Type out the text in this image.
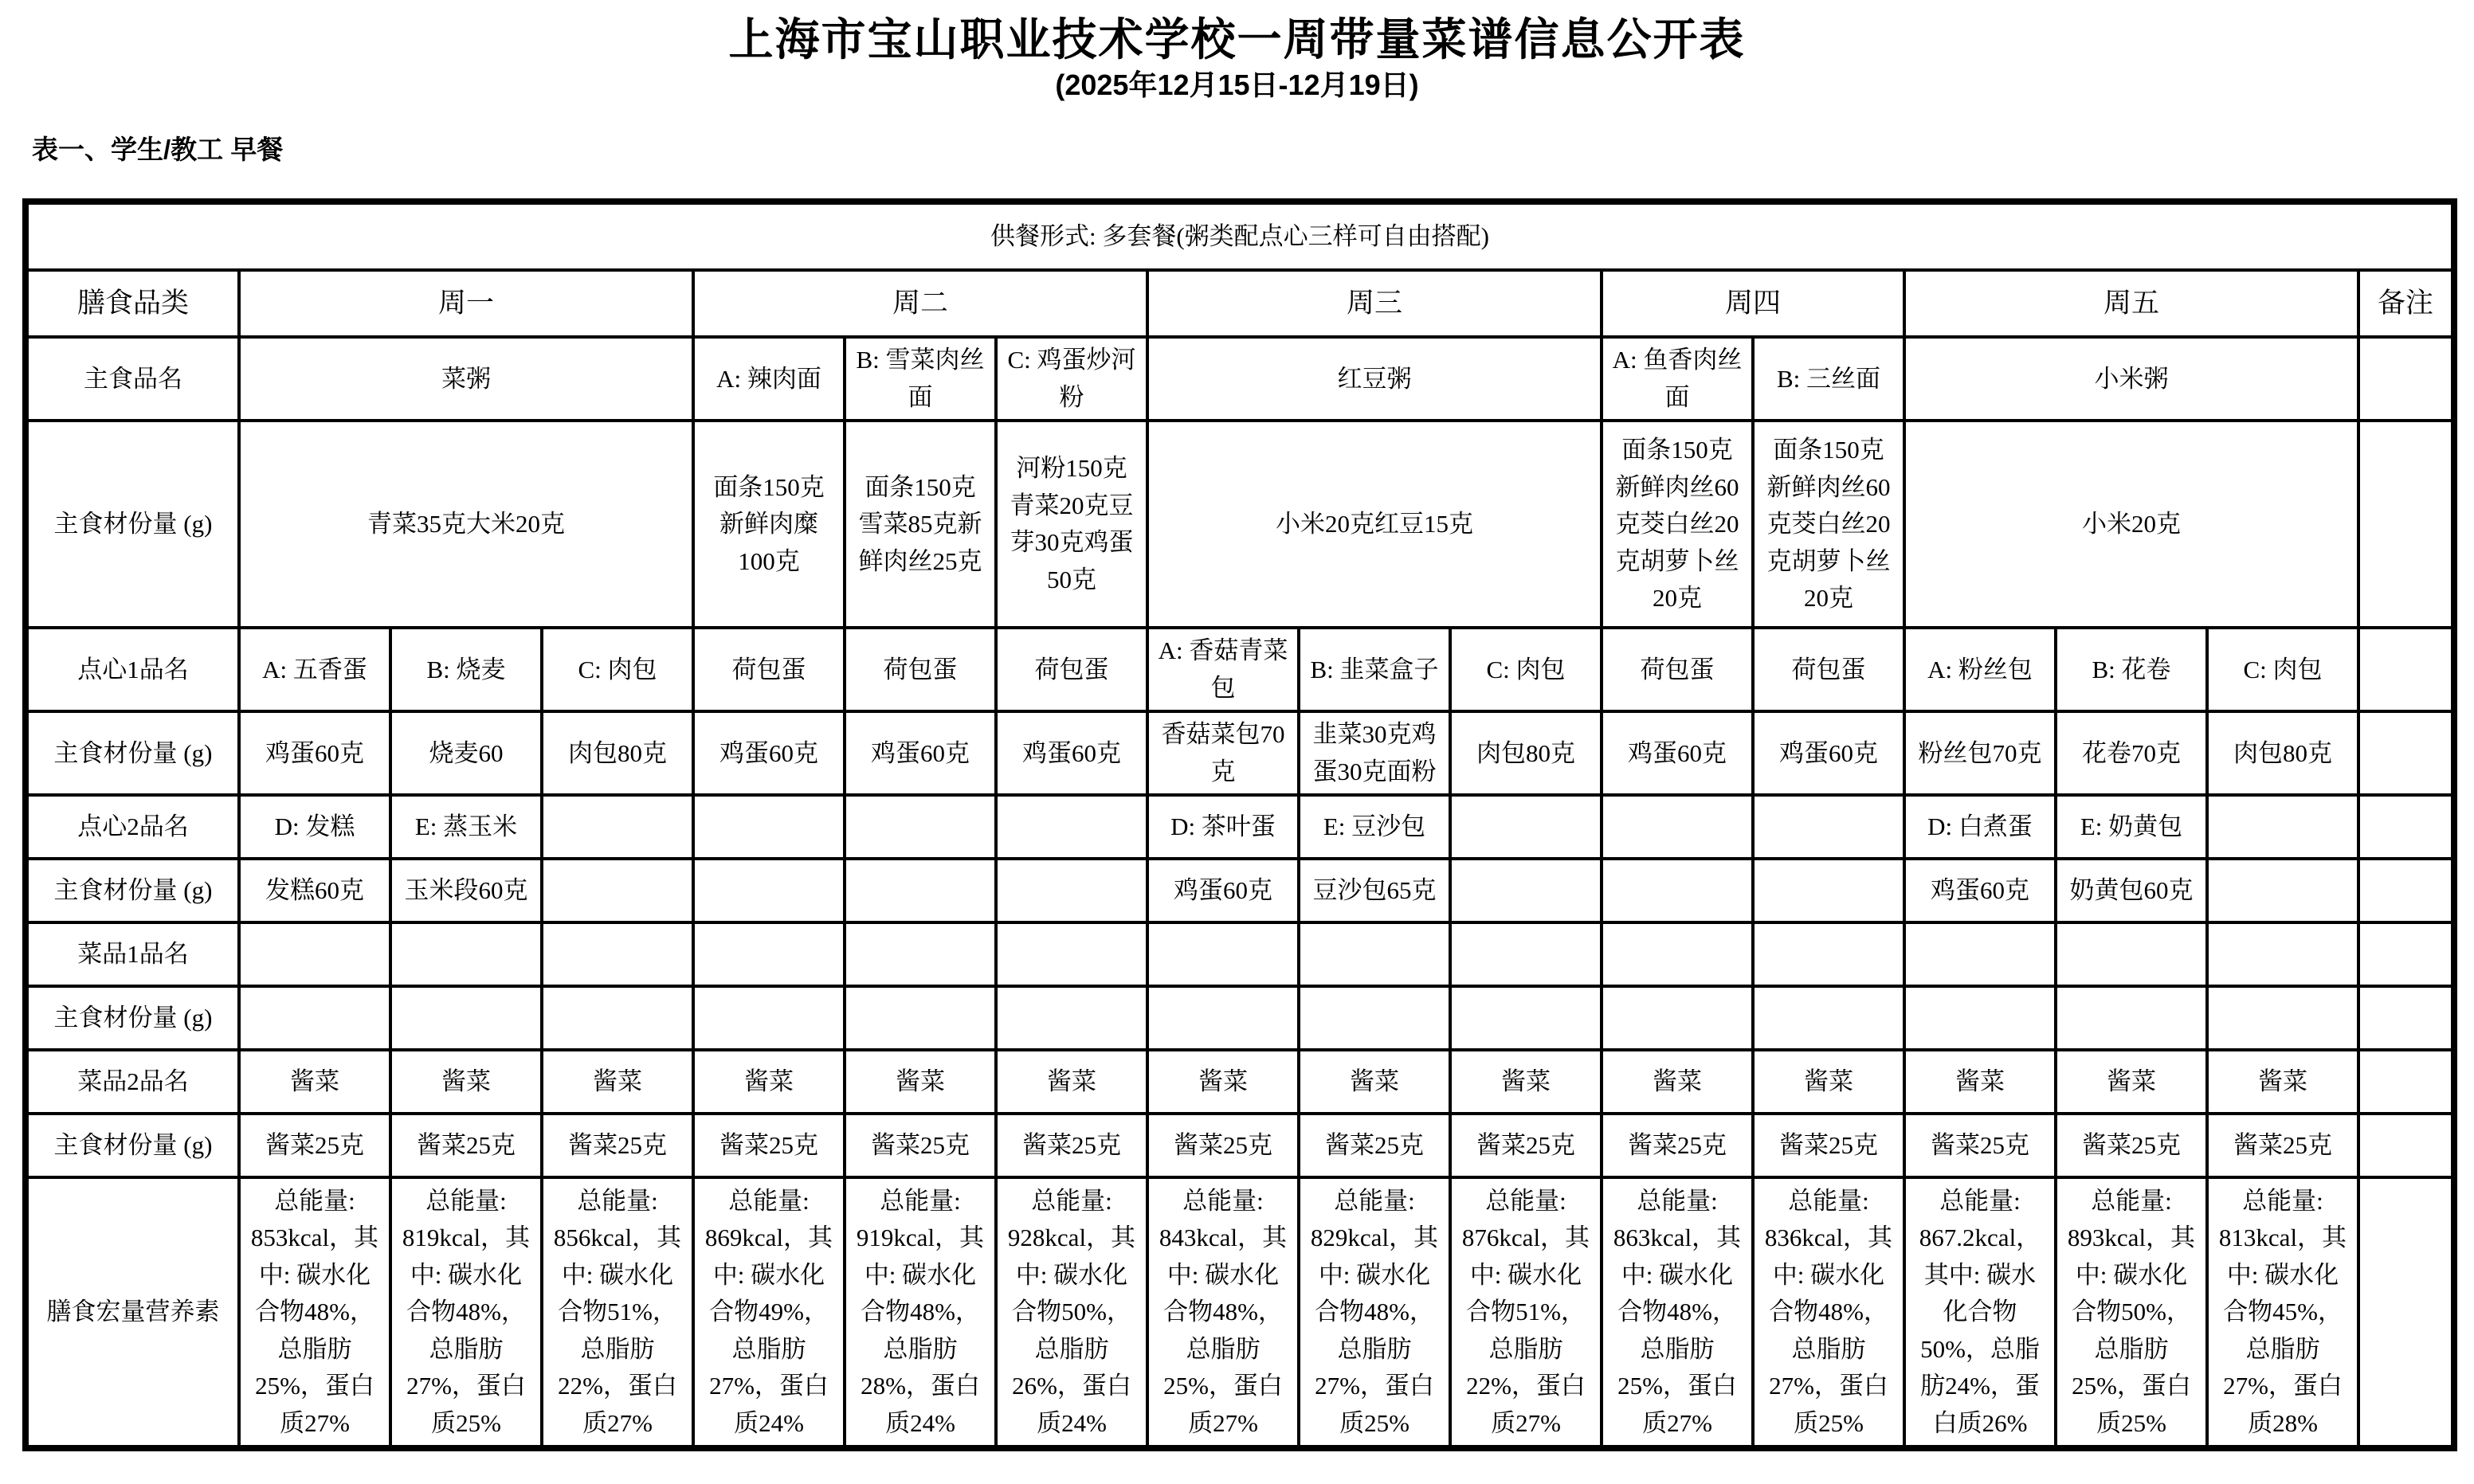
上海市宝山职业技术学校一周带量菜谱信息公开表
(2025年12月15日-12月19日)
表一、学生/教工 早餐
供餐形式: 多套餐(粥类配点心三样可自由搭配)															
膳食品类	周一			周二			周三			周四		周五			备注
主食品名	菜粥			A: 辣肉面	B: 雪菜肉丝面	C: 鸡蛋炒河粉	红豆粥			A: 鱼香肉丝面	B: 三丝面	小米粥			
主食材份量 (g)	青菜35克大米20克			面条150克新鲜肉糜100克	面条150克雪菜85克新鲜肉丝25克	河粉150克青菜20克豆芽30克鸡蛋50克	小米20克红豆15克			面条150克新鲜肉丝60克茭白丝20克胡萝卜丝20克	面条150克新鲜肉丝60克茭白丝20克胡萝卜丝20克	小米20克			
点心1品名	A: 五香蛋	B: 烧麦	C: 肉包	荷包蛋	荷包蛋	荷包蛋	A: 香菇青菜包	B: 韭菜盒子	C: 肉包	荷包蛋	荷包蛋	A: 粉丝包	B: 花卷	C: 肉包	
主食材份量 (g)	鸡蛋60克	烧麦60	肉包80克	鸡蛋60克	鸡蛋60克	鸡蛋60克	香菇菜包70克	韭菜30克鸡蛋30克面粉	肉包80克	鸡蛋60克	鸡蛋60克	粉丝包70克	花卷70克	肉包80克	
点心2品名	D: 发糕	E: 蒸玉米					D: 茶叶蛋	E: 豆沙包				D: 白煮蛋	E: 奶黄包		
主食材份量 (g)	发糕60克	玉米段60克					鸡蛋60克	豆沙包65克				鸡蛋60克	奶黄包60克		
菜品1品名															
主食材份量 (g)															
菜品2品名	酱菜	酱菜	酱菜	酱菜	酱菜	酱菜	酱菜	酱菜	酱菜	酱菜	酱菜	酱菜	酱菜	酱菜	
主食材份量 (g)	酱菜25克	酱菜25克	酱菜25克	酱菜25克	酱菜25克	酱菜25克	酱菜25克	酱菜25克	酱菜25克	酱菜25克	酱菜25克	酱菜25克	酱菜25克	酱菜25克	
膳食宏量营养素	总能量: 853kcal，其中: 碳水化合物48%，总脂肪25%，蛋白质27%	总能量: 819kcal，其中: 碳水化合物48%，总脂肪27%，蛋白质25%	总能量: 856kcal，其中: 碳水化合物51%，总脂肪22%，蛋白质27%	总能量: 869kcal，其中: 碳水化合物49%，总脂肪27%，蛋白质24%	总能量: 919kcal，其中: 碳水化合物48%，总脂肪28%，蛋白质24%	总能量: 928kcal，其中: 碳水化合物50%，总脂肪26%，蛋白质24%	总能量: 843kcal，其中: 碳水化合物48%，总脂肪25%，蛋白质27%	总能量: 829kcal，其中: 碳水化合物48%，总脂肪27%，蛋白质25%	总能量: 876kcal，其中: 碳水化合物51%，总脂肪22%，蛋白质27%	总能量: 863kcal，其中: 碳水化合物48%，总脂肪25%，蛋白质27%	总能量: 836kcal，其中: 碳水化合物48%，总脂肪27%，蛋白质25%	总能量: 867.2kcal，其中: 碳水化合物50%，总脂肪24%，蛋白质26%	总能量: 893kcal，其中: 碳水化合物50%，总脂肪25%，蛋白质25%	总能量: 813kcal，其中: 碳水化合物45%，总脂肪27%，蛋白质28%	
